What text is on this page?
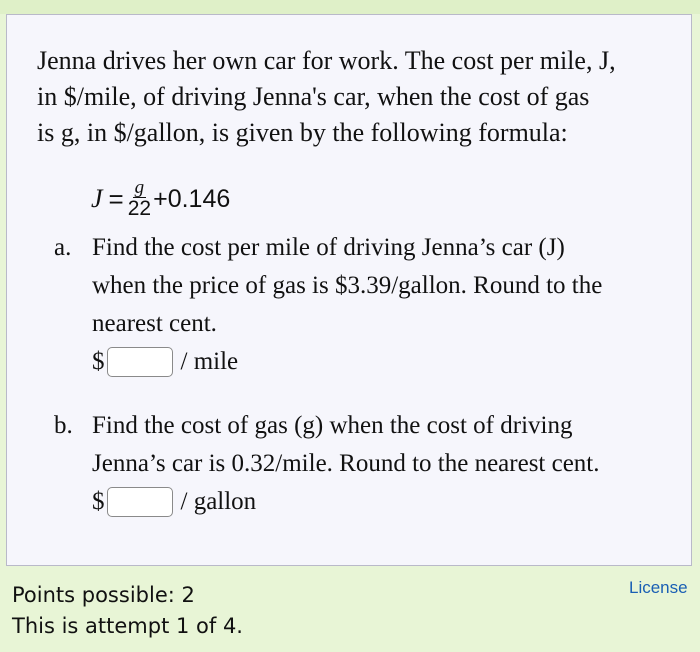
Jenna drives her own car for work. The cost per mile, J,
in $/mile, of driving Jenna's car, when the cost of gas
is g, in $/gallon, is given by the following formula:
$J = \frac{g}{22} +0.146$
a. Find the cost per mile of driving Jenna’s car (J)
when the price of gas is $3.39/gallon. Round to the
nearest cent.
$	/ mile
b. Find the cost of gas (g) when the cost of driving
Jenna’s car is 0.32/mile. Round to the nearest cent.
$	/ gallon
Points possible: 2
This is attempt 1 of 4.
License
